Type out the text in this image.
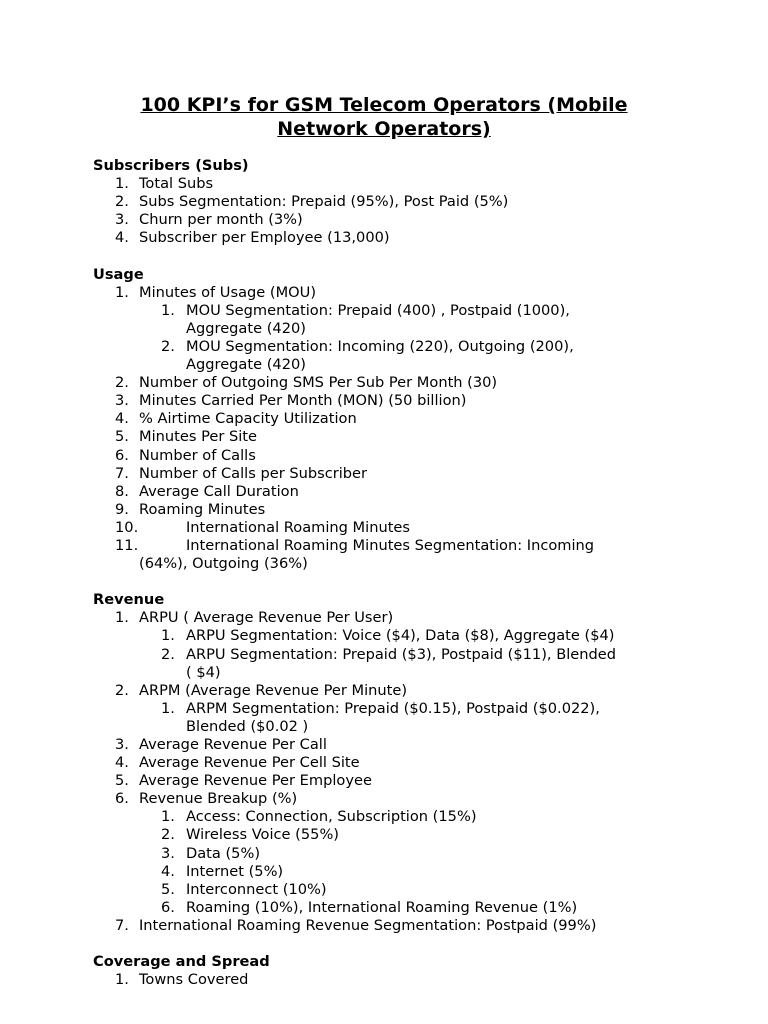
100 KPI’s for GSM Telecom Operators (Mobile
Network Operators)
Subscribers (Subs)
1. Total Subs
2. Subs Segmentation: Prepaid (95%), Post Paid (5%)
3. Churn per month (3%)
4. Subscriber per Employee (13,000)
Usage
1. Minutes of Usage (MOU)
1. MOU Segmentation: Prepaid (400) , Postpaid (1000),
Aggregate (420)
2. MOU Segmentation: Incoming (220), Outgoing (200),
Aggregate (420)
2. Number of Outgoing SMS Per Sub Per Month (30)
3. Minutes Carried Per Month (MON) (50 billion)
4. % Airtime Capacity Utilization
5. Minutes Per Site
6. Number of Calls
7. Number of Calls per Subscriber
8. Average Call Duration
9. Roaming Minutes
10.	International Roaming Minutes
11.	International Roaming Minutes Segmentation: Incoming
(64%), Outgoing (36%)
Revenue
1. ARPU ( Average Revenue Per User)
1. ARPU Segmentation: Voice ($4), Data ($8), Aggregate ($4)
2. ARPU Segmentation: Prepaid ($3), Postpaid ($11), Blended
( $4)
2. ARPM (Average Revenue Per Minute)
1. ARPM Segmentation: Prepaid ($0.15), Postpaid ($0.022),
Blended ($0.02 )
3. Average Revenue Per Call
4. Average Revenue Per Cell Site
5. Average Revenue Per Employee
6. Revenue Breakup (%)
1. Access: Connection, Subscription (15%)
2. Wireless Voice (55%)
3. Data (5%)
4. Internet (5%)
5. Interconnect (10%)
6. Roaming (10%), International Roaming Revenue (1%)
7. International Roaming Revenue Segmentation: Postpaid (99%)
Coverage and Spread
1. Towns Covered
